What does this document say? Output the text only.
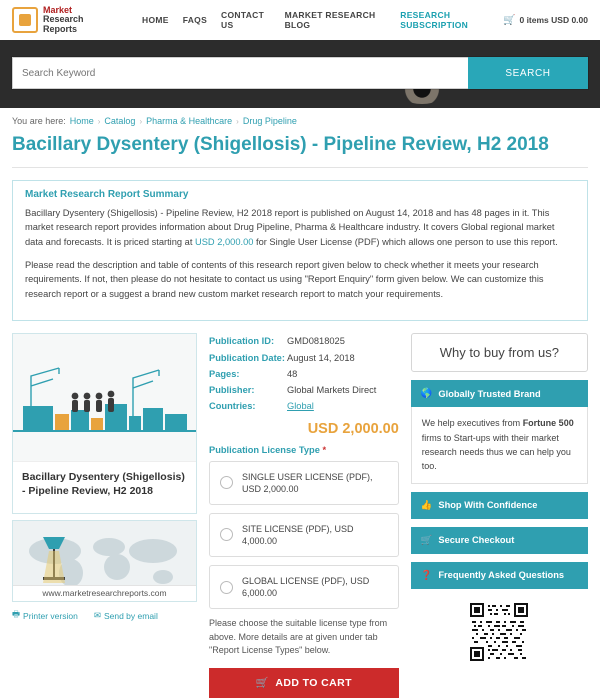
Market
Research
Reports
HOME FAQS CONTACT US
MARKET RESEARCH BLOG
RESEARCH SUBSCRIPTION	🛒 0 items USD 0.00
Search Keyword
SEARCH
You are here: Home › Catalog › Pharma & Healthcare › Drug Pipeline
Bacillary Dysentery (Shigellosis) - Pipeline Review, H2 2018
Market Research Report Summary

Bacillary Dysentery (Shigellosis) - Pipeline Review, H2 2018 report is published on August 14, 2018 and has 48 pages in it. This market research report provides information about Drug Pipeline, Pharma & Healthcare industry. It covers Global regional market data and forecasts. It is priced starting at USD 2,000.00 for Single User License (PDF) which allows one person to use this report.

Please read the description and table of contents of this research report given below to check whether it meets your research requirements. If not, then please do not hesitate to contact us using "Report Enquiry" form given below. We can customize this research report or a suggest a brand new custom market research report to match your requirements.

Bacillary Dysentery (Shigellosis) - Pipeline Review, H2 2018
www.marketresearchreports.com
🖶 Printer version ✉ Send by email
Publication ID: GMD0818025
Publication Date: August 14, 2018
Pages:	48
Publisher:	Global Markets Direct
Countries:	Global
USD 2,000.00
Publication License Type *
SINGLE USER LICENSE (PDF), USD 2,000.00
SITE LICENSE (PDF), USD 4,000.00
GLOBAL LICENSE (PDF), USD 6,000.00
Please choose the suitable license type from above. More details are at given under tab "Report License Types" below.
🛒 ADD TO CART
Why to buy from us?
🌎 Globally Trusted Brand
We help executives from Fortune 500 firms to Start-ups with their market research needs thus we can help you too.
👍 Shop With Confidence
🛒 Secure Checkout
❓ Frequently Asked Questions
